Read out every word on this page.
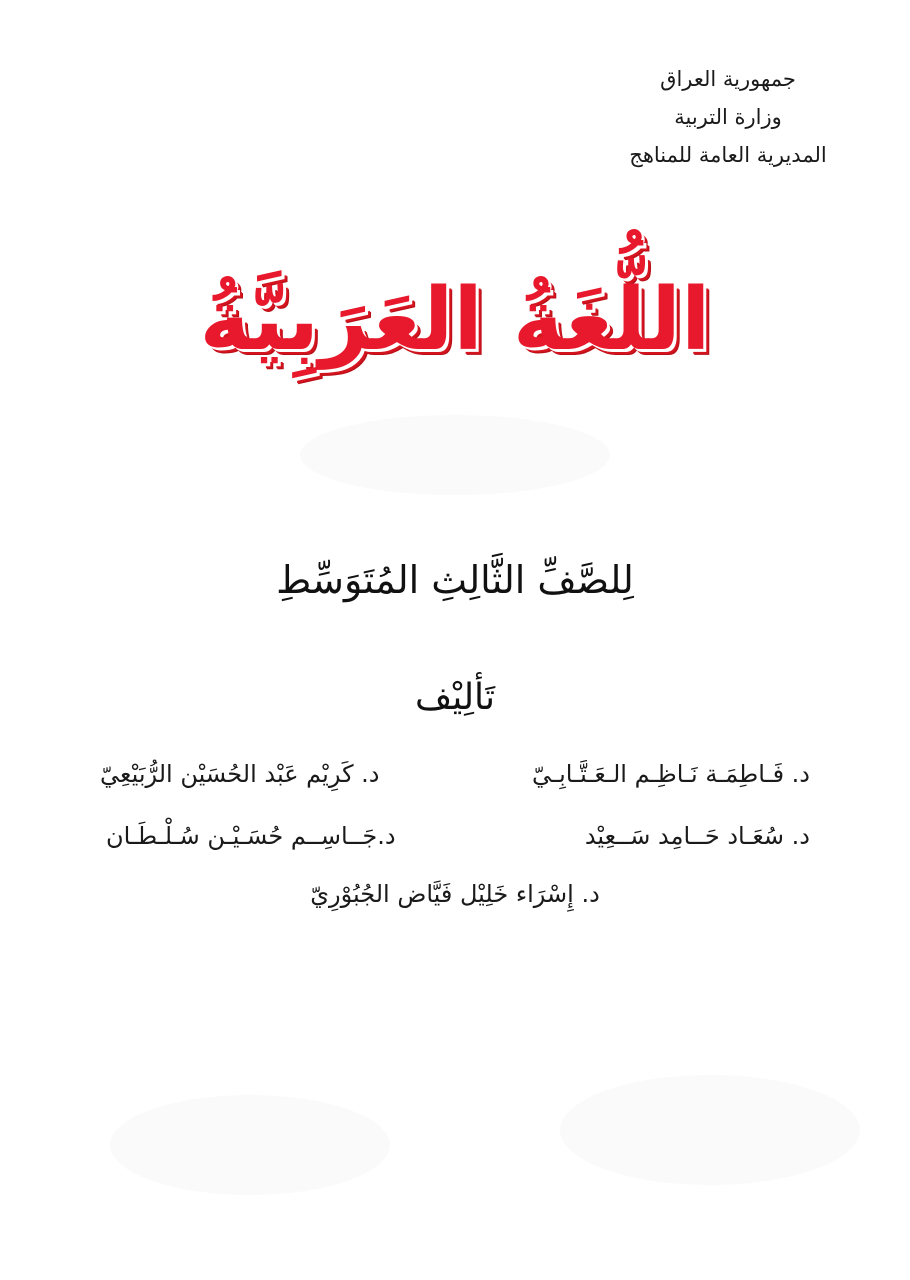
جمهورية العراق
وزارة التربية
المديرية العامة للمناهج
اللُّغَةُ العَرَبِيَّةُ
لِلصَّفِّ الثَّالِثِ المُتَوَسِّطِ
تَألِيْف
د. فَـاطِمَـة نَـاظِـم الـعَـتَّـابِـيّ
د. كَرِيْم عَبْد الحُسَيْن الرُّبَيْعِيّ
د. سُعَـاد حَــامِد سَــعِيْد
د.جَــاسِــم حُسَـيْـن سُـلْـطَـان
د. إِسْرَاء خَلِيْل فَيَّاض الجُبُوْرِيّ
